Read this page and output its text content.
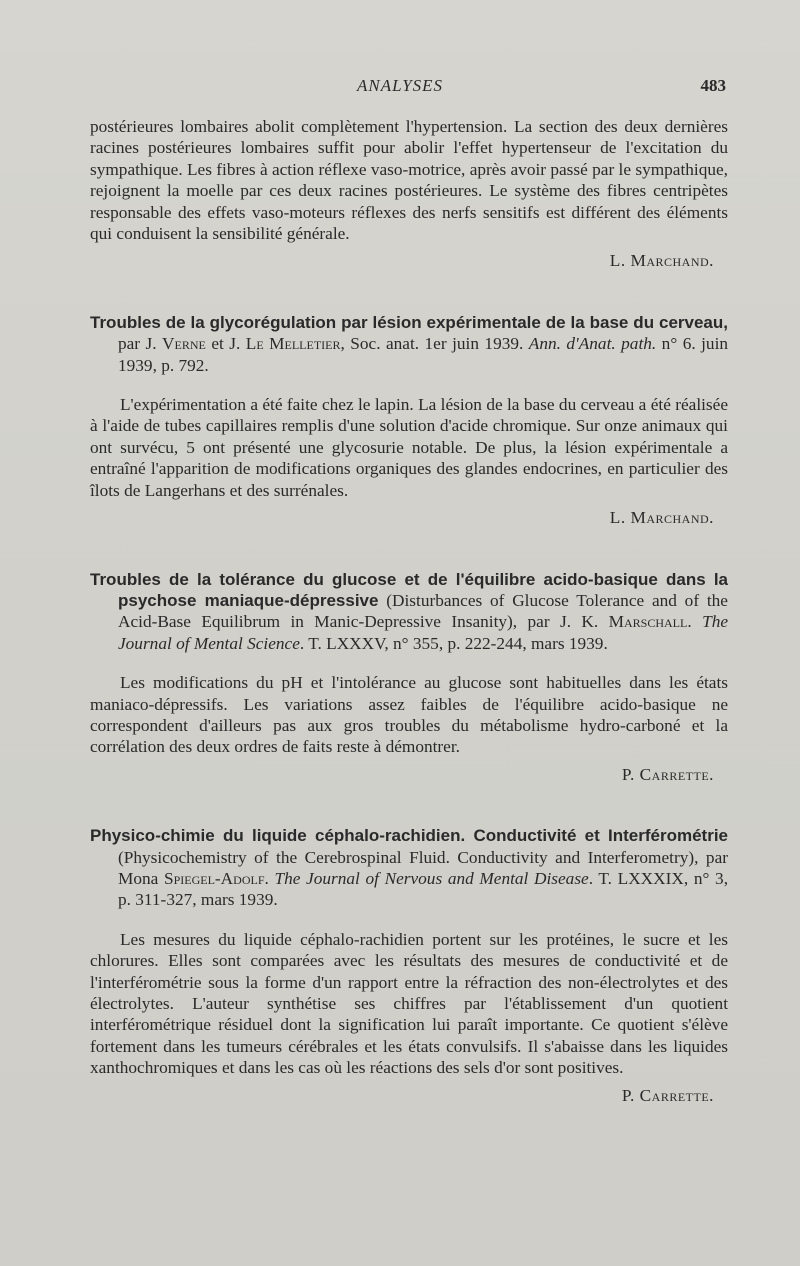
ANALYSES	483

postérieures lombaires abolit complètement l'hypertension. La section des deux dernières racines postérieures lombaires suffit pour abolir l'effet hypertenseur de l'excitation du sympathique. Les fibres à action réflexe vaso-motrice, après avoir passé par le sympathique, rejoignent la moelle par ces deux racines postérieures. Le système des fibres centripètes responsable des effets vaso-moteurs réflexes des nerfs sensitifs est différent des éléments qui conduisent la sensibilité générale.

L. Marchand.

Troubles de la glycorégulation par lésion expérimentale de la base du cerveau, par J. Verne et J. Le Melletier, Soc. anat. 1er juin 1939. Ann. d'Anat. path. n° 6. juin 1939, p. 792.

L'expérimentation a été faite chez le lapin. La lésion de la base du cerveau a été réalisée à l'aide de tubes capillaires remplis d'une solution d'acide chromique. Sur onze animaux qui ont survécu, 5 ont présenté une glycosurie notable. De plus, la lésion expérimentale a entraîné l'apparition de modifications organiques des glandes endocrines, en particulier des îlots de Langerhans et des surrénales.

L. Marchand.

Troubles de la tolérance du glucose et de l'équilibre acido-basique dans la psychose maniaque-dépressive (Disturbances of Glucose Tolerance and of the Acid-Base Equilibrum in Manic-Depressive Insanity), par J. K. Marschall. The Journal of Mental Science. T. LXXXV, n° 355, p. 222-244, mars 1939.

Les modifications du pH et l'intolérance au glucose sont habituelles dans les états maniaco-dépressifs. Les variations assez faibles de l'équilibre acido-basique ne correspondent d'ailleurs pas aux gros troubles du métabolisme hydro-carboné et la corrélation des deux ordres de faits reste à démontrer.

P. Carrette.

Physico-chimie du liquide céphalo-rachidien. Conductivité et Interférométrie (Physicochemistry of the Cerebrospinal Fluid. Conductivity and Interferometry), par Mona Spiegel-Adolf. The Journal of Nervous and Mental Disease. T. LXXXIX, n° 3, p. 311-327, mars 1939.

Les mesures du liquide céphalo-rachidien portent sur les protéines, le sucre et les chlorures. Elles sont comparées avec les résultats des mesures de conductivité et de l'interférométrie sous la forme d'un rapport entre la réfraction des non-électrolytes et des électrolytes. L'auteur synthétise ses chiffres par l'établissement d'un quotient interférométrique résiduel dont la signification lui paraît importante. Ce quotient s'élève fortement dans les tumeurs cérébrales et les états convulsifs. Il s'abaisse dans les liquides xanthochromiques et dans les cas où les réactions des sels d'or sont positives.

P. Carrette.
